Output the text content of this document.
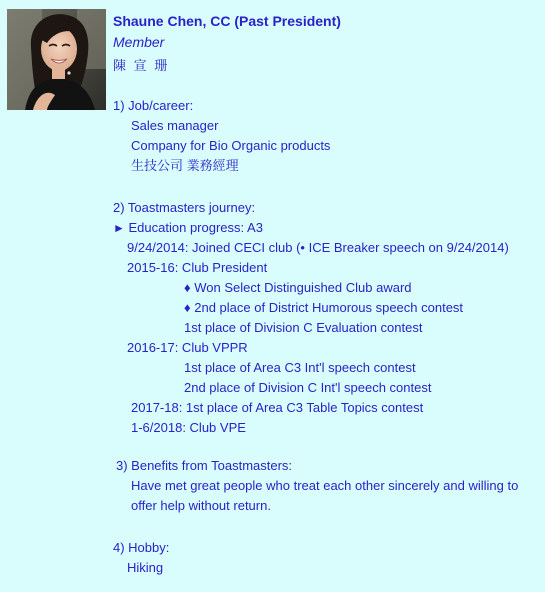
Shaune Chen, CC (Past President)
Member
陳 宣 珊
1) Job/career:
Sales manager
Company for Bio Organic products
生技公司 業務經理
2) Toastmasters journey:
► Education progress: A3
9/24/2014: Joined CECI club (• ICE Breaker speech on 9/24/2014)
2015-16: Club President
♦ Won Select Distinguished Club award
♦ 2nd place of District Humorous speech contest
1st place of Division C Evaluation contest
2016-17: Club VPPR
1st place of Area C3 Int'l speech contest
2nd place of Division C Int'l speech contest
2017-18: 1st place of Area C3 Table Topics contest
1-6/2018: Club VPE
3) Benefits from Toastmasters:
Have met great people who treat each other sincerely and willing to offer help without return.
4) Hobby:
Hiking
